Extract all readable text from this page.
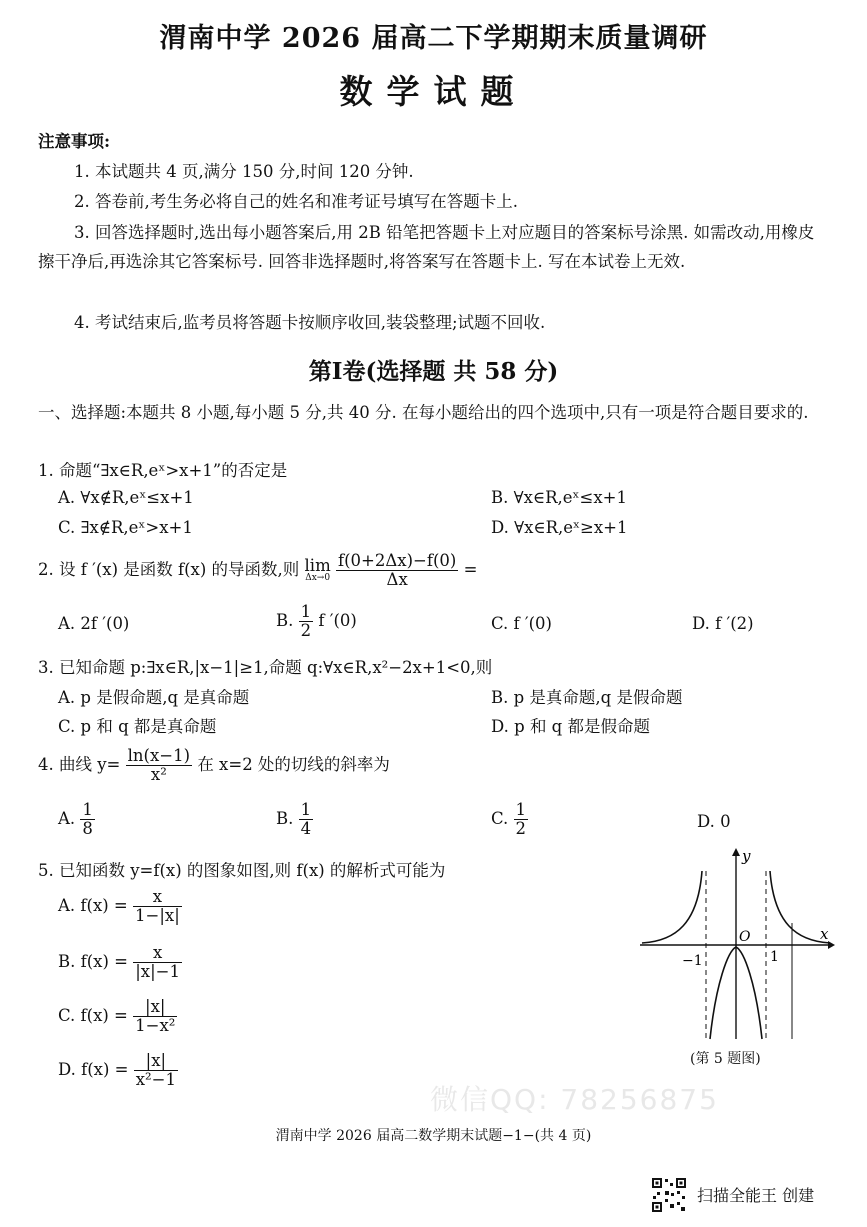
微信QQ: 78256875
渭南中学 2026 届高二下学期期末质量调研
数学试题
注意事项:
1. 本试题共 4 页,满分 150 分,时间 120 分钟.
2. 答卷前,考生务必将自己的姓名和准考证号填写在答题卡上.
3. 回答选择题时,选出每小题答案后,用 2B 铅笔把答题卡上对应题目的答案标号涂黑. 如需改动,用橡皮擦干净后,再选涂其它答案标号. 回答非选择题时,将答案写在答题卡上. 写在本试卷上无效.
4. 考试结束后,监考员将答题卡按顺序收回,装袋整理;试题不回收.
第Ⅰ卷(选择题 共 58 分)
一、选择题:本题共 8 小题,每小题 5 分,共 40 分. 在每小题给出的四个选项中,只有一项是符合题目要求的.
1. 命题“∃x∈R,eˣ>x+1”的否定是
A. ∀x∉R,eˣ≤x+1	B. ∀x∈R,eˣ≤x+1
C. ∃x∉R,eˣ>x+1	D. ∀x∈R,eˣ≥x+1
2. 设 f ′(x) 是函数 f(x) 的导函数,则 lim
Δx→0
$\frac{f(0+2\Delta x)-f(0)}{\Delta x}$ =
A. 2f ′(0)	B. $\frac{1}{2}$ f ′(0)	C. f ′(0)	D. f ′(2)
3. 已知命题 p:∃x∈R,|x−1|≥1,命题 q:∀x∈R,x²−2x+1<0,则
A. p 是假命题,q 是真命题	B. p 是真命题,q 是假命题
C. p 和 q 都是真命题	D. p 和 q 都是假命题
4. 曲线 $y= \frac{\ln(x-1)}{\text{x²}}$ 在 x=2 处的切线的斜率为
A. $\frac{1}{8}$	B. $\frac{1}{4}$	C. $\frac{1}{2}$	D. 0
5. 已知函数 y=f(x) 的图象如图,则 f(x) 的解析式可能为
A. $f(x) = \frac{x}{1-|x|}$
B. $f(x) = \frac{x}{|x|-1}$
C. $f(x) = \frac{|x|}{\text{1−x²}}$
D. $f(x) = \frac{|x|}{\text{x²−1}}$
y
x
O
−1	1
(第 5 题图)
渭南中学 2026 届高二数学期末试题−1−(共 4 页)
扫描全能王 创建
